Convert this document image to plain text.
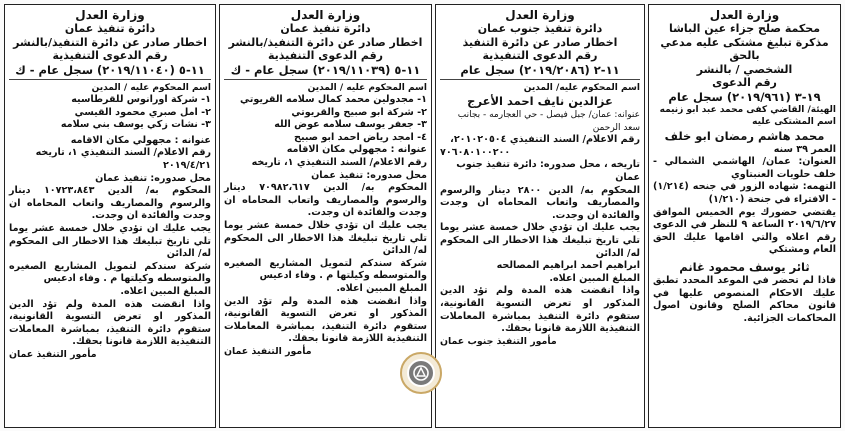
وزارة العدل
محكمة صلح جزاء عين الباشا
مذكرة تبليغ مشتكى عليه مدعي بالحق
الشخصي / بالنشر
رقم الدعوى
١٩-٣ (٢٠١٩/٩٦١) سجل عام
الهيئة/ القاضي كفى محمد عبد ابو زنيمه
اسم المشتكى عليه
محمد هاشم رمضان ابو خلف
العمر ٣٩ سنه
العنوان: عمان/ الهاشمي الشمالي - خلف حلويات العنبتاوي
التهمه: شهاده الزور في جنحه (١/٢١٤) - الافتراء في جنحة (١/٢١٠)
يقتضي حضورك يوم الخميس الموافق ٢٠١٩/٦/٢٧ الساعة ٩ للنظر في الدعوى رقم اعلاه والتي اقامها عليك الحق العام ومشتكي
ثائر يوسف محمود غانم
فاذا لم تحضر في الموعد المحدد تطبق عليك الاحكام المنصوص عليها في قانون محاكم الصلح وقانون اصول المحاكمات الجزائية.
وزارة العدل
دائرة تنفيذ جنوب عمان
اخطار صادر عن دائرة التنفيذ
رقم الدعوى التنفيذية
١١-٢ (٢٠١٩/٢٠٨٦) سجل عام
اسم المحكوم عليه/ المدين
عزالدين نايف احمد الأعرج
عنوانه: عمان/ جبل فيصل - حي العجارمه - بجانب سعد الرحمن
رقم الاعلام/ السند التنفيذي ٢٠١٠٢٠٥٠٤،
٧٠٦٠٨٠١٠٠٢٠٠
تاريخه ، محل صدوره: دائرة تنفيذ جنوب عمان
المحكوم به/ الدين ٢٨٠٠ دينار والرسوم والمصاريف واتعاب المحاماه ان وجدت والفائدة ان وجدت.
يجب عليك ان تؤدي خلال خمسة عشر يوما تلي تاريخ تبليغك هذا الاخطار الى المحكوم له/ الدائن
ابراهيم احمد ابراهيم المصالحه
المبلغ المبين اعلاه.
واذا انقضت هذه المدة ولم تؤد الدين المذكور او تعرض التسوية القانونية، ستقوم دائرة التنفيذ بمباشرة المعاملات التنفيذية اللازمة قانونا بحقك.
مأمور التنفيذ جنوب عمان
وزارة العدل
دائرة تنفيذ عمان
اخطار صادر عن دائرة التنفيذ/بالنشر
رقم الدعوى التنفيذية
١١-٥ (٢٠١٩/١١٠٣٩) سجل عام - ك
اسم المحكوم عليه / المدين
١- مجدولين محمد كمال سلامه القريوتي
٢- شركة ابو صبيح والقريوتي
٣- جعفر يوسف سلامه عوض الله
٤- امجد رياض احمد ابو صبيح
عنوانه : مجهولي مكان الاقامه
رقم الاعلام/ السند التنفيذي ١، تاريخه
محل صدوره: تنفيذ عمان
المحكوم به/ الدين ٧٠٩٨٢،٦١٧ دينار والرسوم والمصاريف واتعاب المحاماه ان وجدت والفائدة ان وجدت.
يجب عليك ان تؤدي خلال خمسة عشر يوما تلي تاريخ تبليغك هذا الاخطار الى المحكوم له/ الدائن
شركة سندكم لتمويل المشاريع الصغيره والمتوسطه وكيلتها م . وفاء ادعيس
المبلغ المبين اعلاه.
واذا انقضت هذه المدة ولم تؤد الدين المذكور او تعرض التسوية القانونية، ستقوم دائرة التنفيذ، بمباشرة المعاملات التنفيذية اللازمة قانونا بحقك.
مأمور التنفيذ عمان
وزارة العدل
دائرة تنفيذ عمان
اخطار صادر عن دائرة التنفيذ/بالنشر
رقم الدعوى التنفيذية
١١-٥ (٢٠١٩/١١٠٤٠) سجل عام - ك
اسم المحكوم عليه / المدين
١- شركة اورانوس للقرطاسيه
٢- امل صبري محمود القيسي
٣- نشات زكي يوسف بني سلامه
عنوانه : مجهولي مكان الاقامه
رقم الاعلام/ السند التنفيذي ١، تاريخه ٢٠١٩/٤/٢١
محل صدوره: تنفيذ عمان
المحكوم به/ الدين ١٠٧٢٣،٨٤٣ دينار والرسوم والمصاريف واتعاب المحاماه ان وجدت والفائدة ان وجدت.
يجب عليك ان تؤدي خلال خمسة عشر يوما تلي تاريخ تبليغك هذا الاخطار الى المحكوم له/ الدائن
شركة سندكم لتمويل المشاريع الصغيره والمتوسطه وكيلتها م . وفاء ادعيس
المبلغ المبين اعلاه.
واذا انقضت هذه المدة ولم تؤد الدين المذكور او تعرض التسوية القانونية، ستقوم دائرة التنفيذ، بمباشرة المعاملات التنفيذية اللازمة قانونا بحقك.
مأمور التنفيذ عمان
